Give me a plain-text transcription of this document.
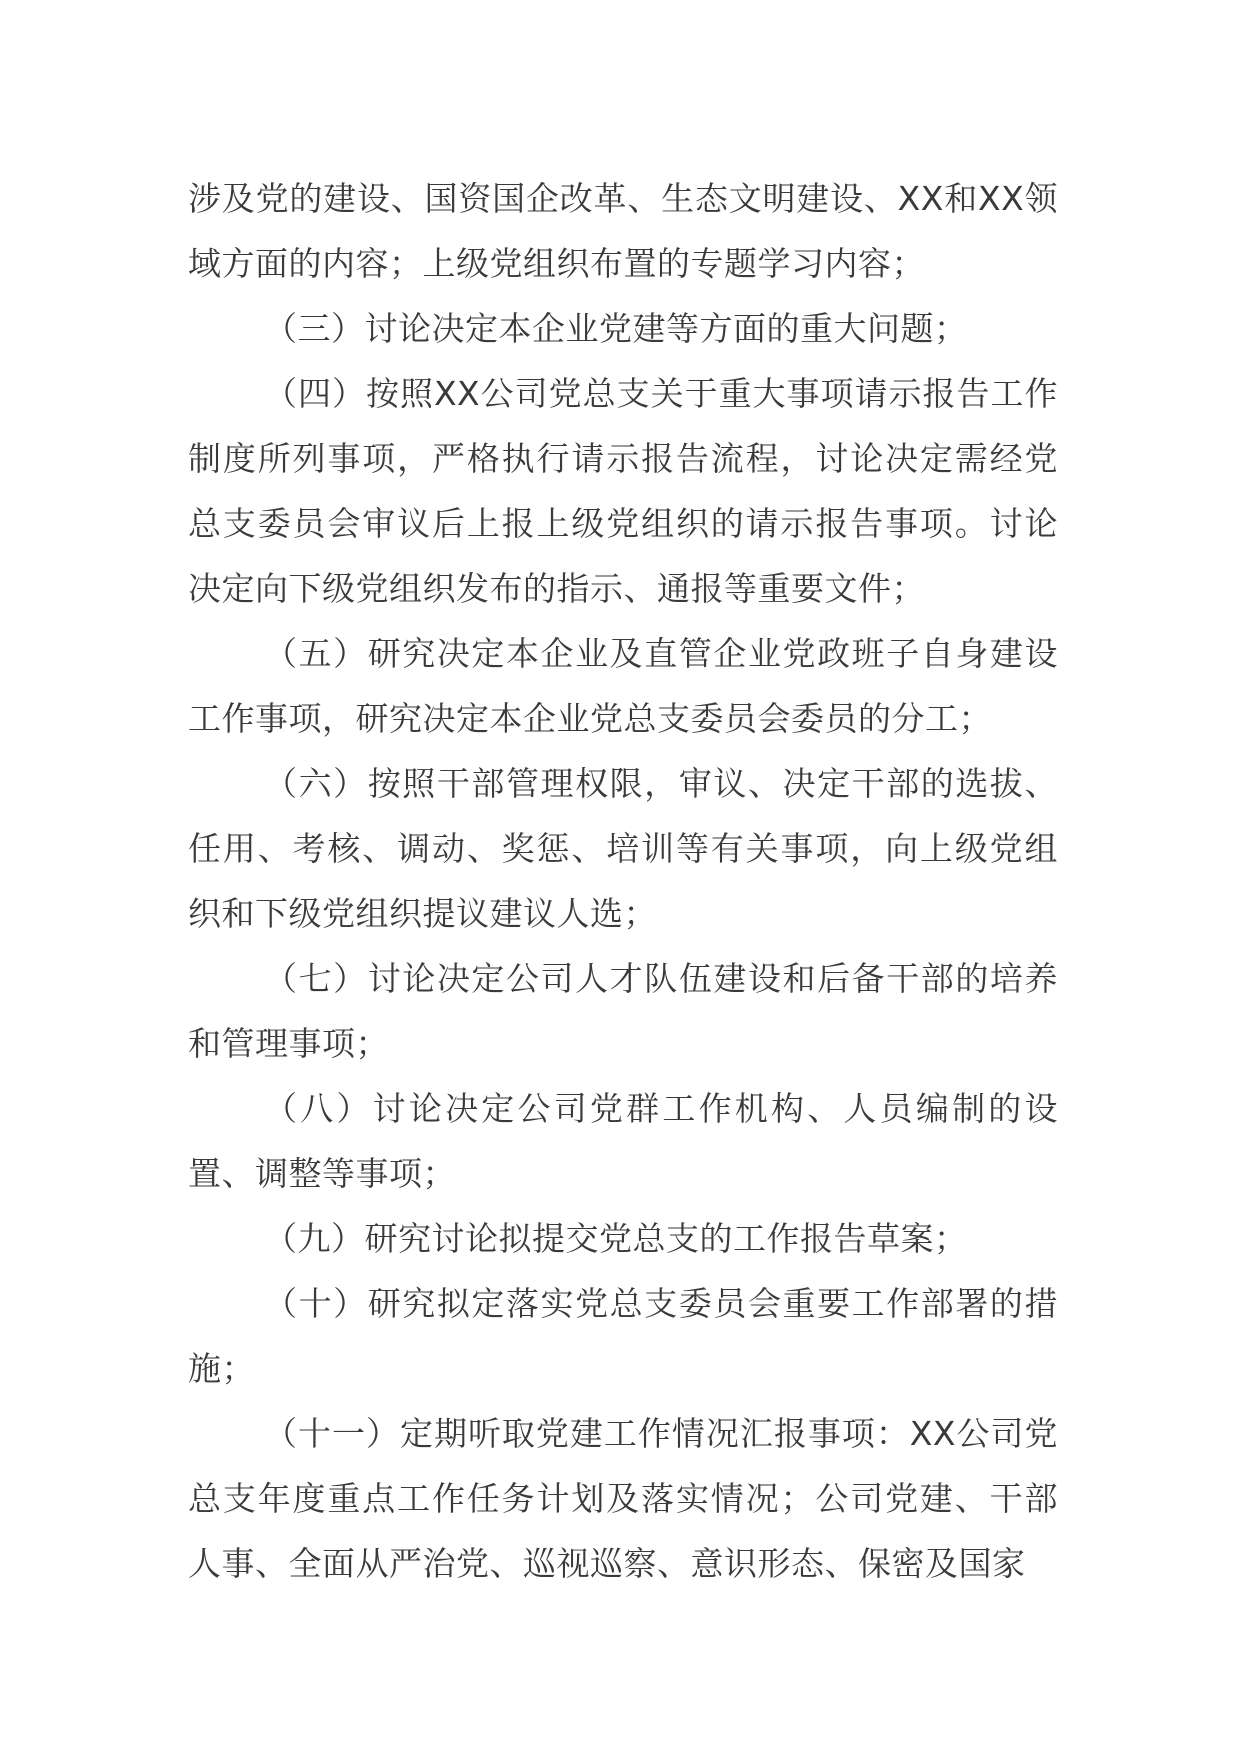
涉及党的建设、国资国企改革、生态文明建设、XX和XX领域方面的内容；上级党组织布置的专题学习内容；

（三）讨论决定本企业党建等方面的重大问题；

（四）按照XX公司党总支关于重大事项请示报告工作制度所列事项，严格执行请示报告流程，讨论决定需经党总支委员会审议后上报上级党组织的请示报告事项。讨论决定向下级党组织发布的指示、通报等重要文件；

（五）研究决定本企业及直管企业党政班子自身建设工作事项，研究决定本企业党总支委员会委员的分工；

（六）按照干部管理权限，审议、决定干部的选拔、任用、考核、调动、奖惩、培训等有关事项，向上级党组织和下级党组织提议建议人选；

（七）讨论决定公司人才队伍建设和后备干部的培养和管理事项；

（八）讨论决定公司党群工作机构、人员编制的设置、调整等事项；

（九）研究讨论拟提交党总支的工作报告草案；

（十）研究拟定落实党总支委员会重要工作部署的措施；

（十一）定期听取党建工作情况汇报事项：XX公司党总支年度重点工作任务计划及落实情况；公司党建、干部人事、全面从严治党、巡视巡察、意识形态、保密及国家
